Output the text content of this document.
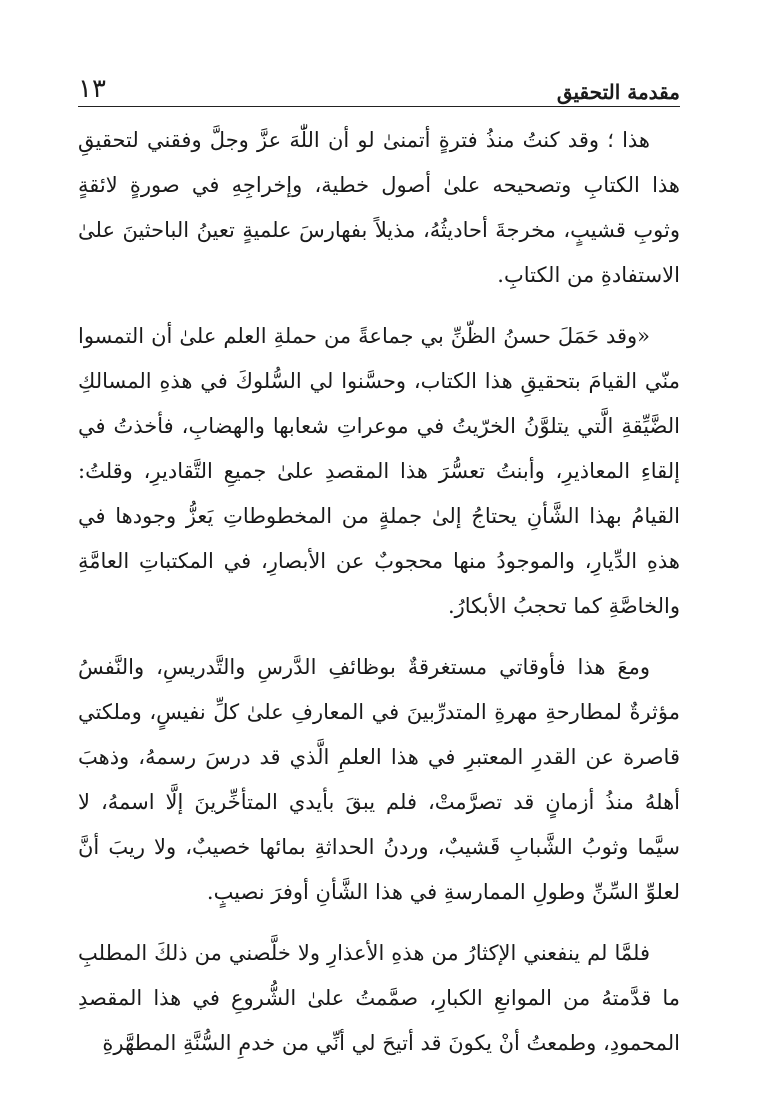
مقدمة التحقيق
١٣

هذا ؛ وقد كنتُ منذُ فترةٍ أتمنىٰ لو أن اللّٰهَ عزَّ وجلَّ وفقني لتحقيقِ هذا الكتابِ وتصحيحه علىٰ أصول خطية، وإخراجِهِ في صورةٍ لائقةٍ وثوبِ قشيبٍ، مخرجةَ أحاديثُهُ، مذيلاً بفهارسَ علميةٍ تعينُ الباحثينَ علىٰ الاستفادةِ من الكتابِ.

«وقد حَمَلَ حسنُ الظّنِّ بي جماعةً من حملةِ العلم علىٰ أن التمسوا منّي القيامَ بتحقيقِ هذا الكتاب، وحسَّنوا لي السُّلوكَ في هذهِ المسالكِ الضَّيِّقةِ الَّتي يتلوَّنُ الخرّيتُ في موعراتِ شعابها والهضابِ، فأخذتُ في إلقاءِ المعاذيرِ، وأبنتُ تعسُّرَ هذا المقصدِ علىٰ جميعِ التَّقاديرِ، وقلتُ: القيامُ بهذا الشَّأنِ يحتاجُ إلىٰ جملةٍ من المخطوطاتِ يَعزُّ وجودها في هذهِ الدِّيارِ، والموجودُ منها محجوبٌ عن الأبصارِ، في المكتباتِ العامَّةِ والخاصَّةِ كما تحجبُ الأبكارُ.

ومعَ هذا فأوقاتي مستغرقةٌ بوظائفِ الدَّرسِ والتَّدريسِ، والنَّفسُ مؤثرةٌ لمطارحةِ مهرةِ المتدرِّبينَ في المعارفِ علىٰ كلِّ نفيسٍ، وملكتي قاصرة عن القدرِ المعتبرِ في هذا العلمِ الَّذي قد درسَ رسمهُ، وذهبَ أهلهُ منذُ أزمانٍ قد تصرَّمتْ، فلم يبقَ بأيدي المتأخِّرينَ إلَّا اسمهُ، لا سيَّما وثوبُ الشَّبابِ قَشيبٌ، وردنُ الحداثةِ بمائها خصيبٌ، ولا ريبَ أنَّ لعلوِّ السِّنِّ وطولِ الممارسةِ في هذا الشَّأنِ أوفرَ نصيبٍ.

فلمَّا لم ينفعني الإكثارُ من هذهِ الأعذارِ ولا خلَّصني من ذلكَ المطلبِ ما قدَّمتهُ من الموانعِ الكبارِ، صمَّمتُ علىٰ الشُّروعِ في هذا المقصدِ المحمودِ، وطمعتُ أنْ يكونَ قد أتيحَ لي أنِّي من خدمِ السُّنَّةِ المطهَّرةِ
